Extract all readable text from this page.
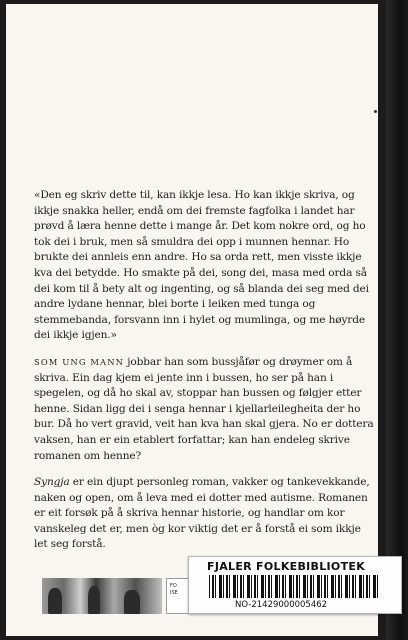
«Den eg skriv dette til, kan ikkje lesa. Ho kan ikkje skriva, og ikkje snakka heller, endå om dei fremste fagfolka i landet har prøvd å læra henne dette i mange år. Det kom nokre ord, og ho tok dei i bruk, men så smuldra dei opp i munnen hennar. Ho brukte dei annleis enn andre. Ho sa orda rett, men visste ikkje kva dei betydde. Ho smakte på dei, song dei, masa med orda så dei kom til å bety alt og ingenting, og så blanda dei seg med dei andre lydane hennar, blei borte i leiken med tunga og stemmebanda, forsvann inn i hylet og mumlinga, og me høyrde dei ikkje igjen.»

SOM UNG MANN jobbar han som bussjåfør og drøymer om å skriva. Ein dag kjem ei jente inn i bussen, ho ser på han i spegelen, og då ho skal av, stoppar han bussen og følgjer etter henne. Sidan ligg dei i senga hennar i kjellarleilegheita der ho bur. Då ho vert gravid, veit han kva han skal gjera. No er dottera vaksen, han er ein etablert forfattar; kan han endeleg skrive romanen om henne?

Syngja er ein djupt personleg roman, vakker og tankevekkande, naken og open, om å leva med ei dotter med autisme. Romanen er eit forsøk på å skriva hennar historie, og handlar om kor vanskeleg det er, men òg kor viktig det er å forstå ei som ikkje let seg forstå.

FO
ISE
FJALER FOLKEBIBLIOTEK
NO-21429000005462
